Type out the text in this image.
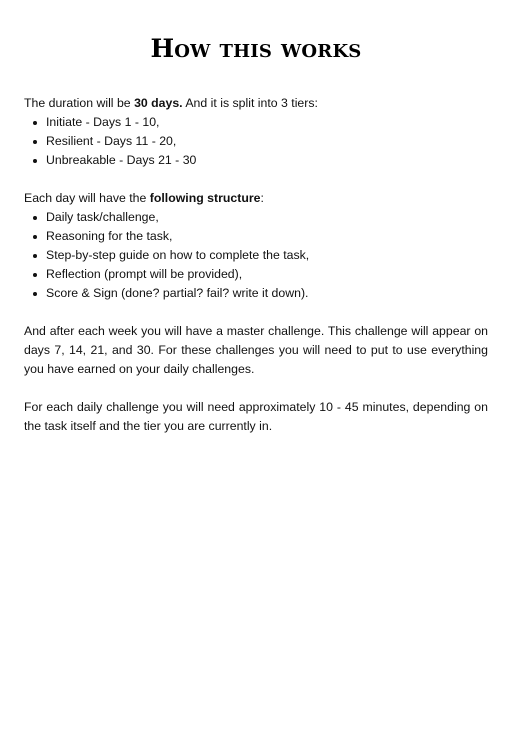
How this works

The duration will be 30 days. And it is split into 3 tiers:

Initiate - Days 1 - 10,
Resilient - Days 11 - 20,
Unbreakable - Days 21 - 30

Each day will have the following structure:

Daily task/challenge,
Reasoning for the task,
Step-by-step guide on how to complete the task,
Reflection (prompt will be provided),
Score & Sign (done? partial? fail? write it down).

And after each week you will have a master challenge. This challenge will appear on days 7, 14, 21, and 30. For these challenges you will need to put to use everything you have earned on your daily challenges.

For each daily challenge you will need approximately 10 - 45 minutes, depending on the task itself and the tier you are currently in.
